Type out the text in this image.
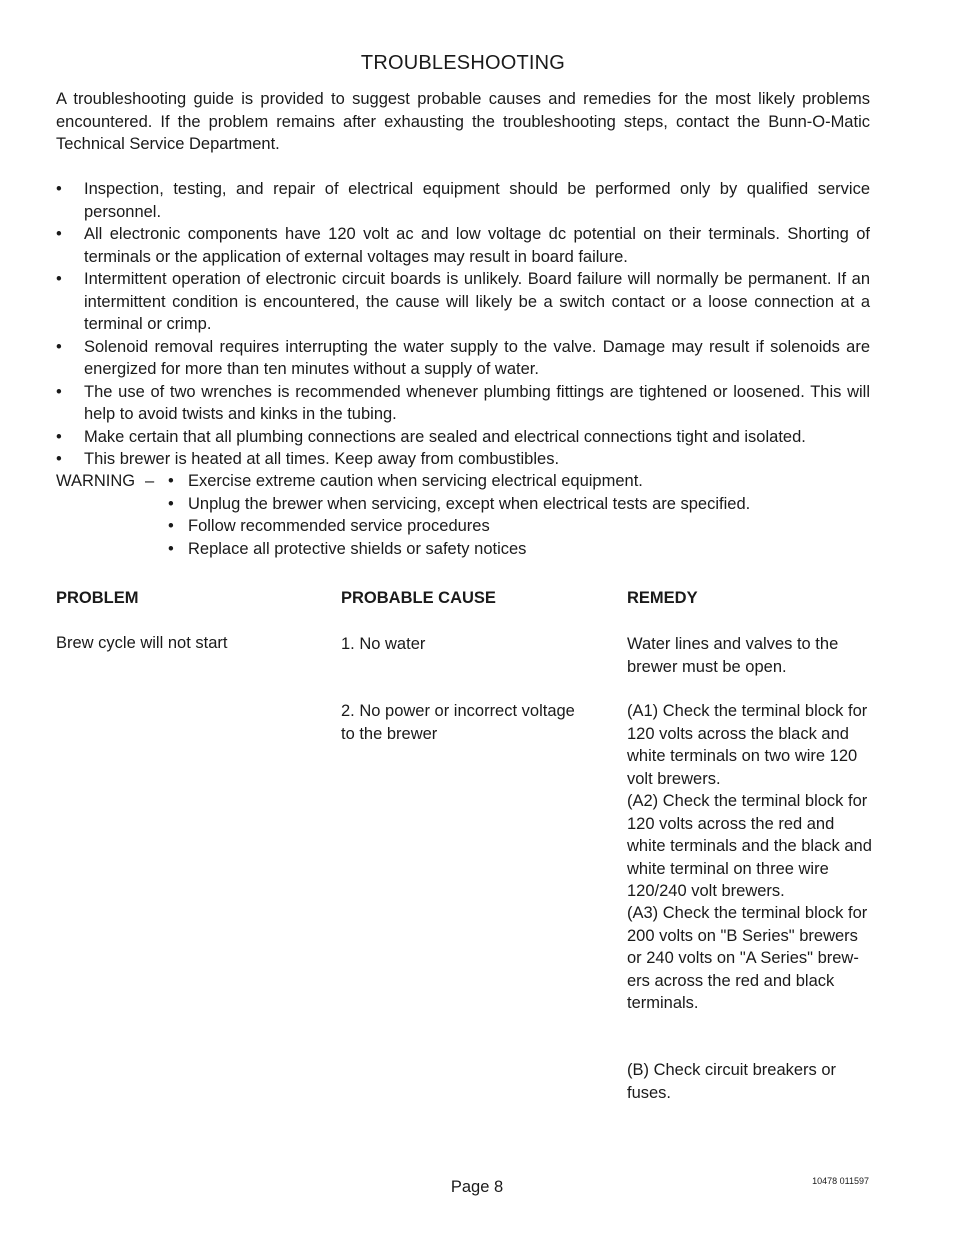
TROUBLESHOOTING
A troubleshooting guide is provided to suggest probable causes and remedies for the most likely problems encountered. If the problem remains after exhausting the troubleshooting steps, contact the Bunn-O-Matic Technical Service Department.
• Inspection, testing, and repair of electrical equipment should be performed only by qualified service personnel.
• All electronic components have 120 volt ac and low voltage dc potential on their terminals. Shorting of terminals or the application of external voltages may result in board failure.
• Intermittent operation of electronic circuit boards is unlikely. Board failure will normally be permanent. If an intermittent condition is encountered, the cause will likely be a switch contact or a loose connection at a terminal or crimp.
• Solenoid removal requires interrupting the water supply to the valve. Damage may result if solenoids are energized for more than ten minutes without a supply of water.
• The use of two wrenches is recommended whenever plumbing fittings are tightened or loosened. This will help to avoid twists and kinks in the tubing.
• Make certain that all plumbing connections are sealed and electrical connections tight and isolated.
• This brewer is heated at all times. Keep away from combustibles.
WARNING –
•	Exercise extreme caution when servicing electrical equipment.
• Unplug the brewer when servicing, except when electrical tests are specified.
• Follow recommended service procedures
• Replace all protective shields or safety notices
PROBLEM	PROBABLE CAUSE	REMEDY
Brew cycle will not start	1. No water	Water lines and valves to the brewer must be open.
2. No power or incorrect voltage to the brewer
(A1) Check the terminal block for 120 volts across the black and white terminals on two wire 120 volt brewers.
(A2) Check the terminal block for 120 volts across the red and white terminals and the black and white terminal on three wire 120/240 volt brewers.
(A3) Check the terminal block for 200 volts on "B Series" brewers or 240 volts on "A Series" brew-ers across the red and black terminals.
(B) Check circuit breakers or fuses.
Page 8	10478 011597
